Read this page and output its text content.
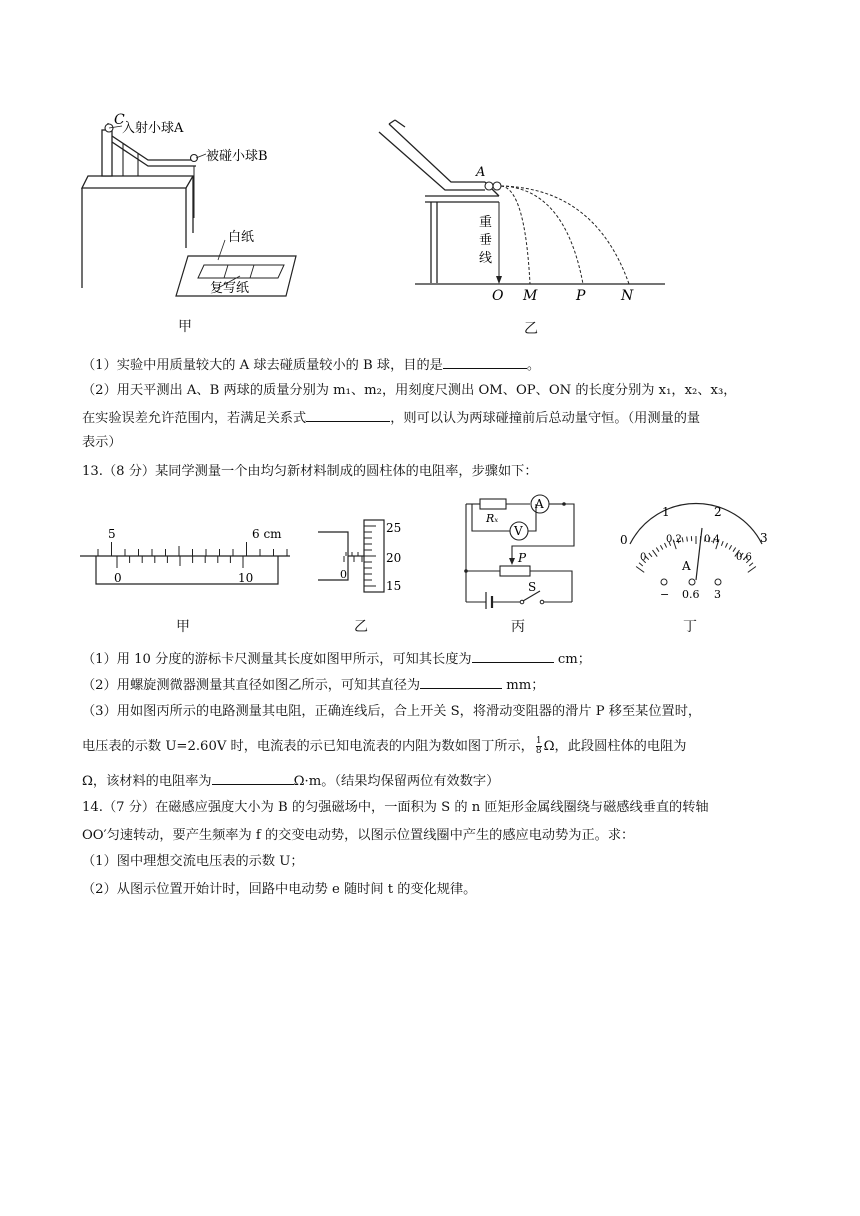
C
入射小球A
被碰小球B
白纸
复写纸
甲
A
重
垂
线
O M	P	N
乙
（1）实验中用质量较大的 A 球去碰质量较小的 B 球，目的是	。
（2）用天平测出 A、B 两球的质量分别为 m₁、m₂，用刻度尺测出 OM、OP、ON 的长度分别为 x₁，x₂、x₃，
在实验误差允许范围内，若满足关系式	，则可以认为两球碰撞前后总动量守恒。（用测量的量
表示）
13.（8 分）某同学测量一个由均匀新材料制成的圆柱体的电阻率，步骤如下：
5	6 cm
0	10
25
20
15
0
A
V
Rₓ
P
S
0
1	2
3
0
0.2 0.4
0.6
A
− 0.6 3
甲	乙	丙	丁
（1）用 10 分度的游标卡尺测量其长度如图甲所示，可知其长度为	cm；
（2）用螺旋测微器测量其直径如图乙所示，可知其直径为	mm；
（3）用如图丙所示的电路测量其电阻，正确连线后，合上开关 S，将滑动变阻器的滑片 P 移至某位置时，
电压表的示数 U=2.60V 时，电流表的示已知电流表的内阻为数如图丁所示， $\frac{1}{8}$ Ω，此段圆柱体的电阻为
Ω，该材料的电阻率为	Ω·m。（结果均保留两位有效数字）
14.（7 分）在磁感应强度大小为 B 的匀强磁场中，一面积为 S 的 n 匝矩形金属线圈绕与磁感线垂直的转轴
OO′匀速转动，要产生频率为 f 的交变电动势，以图示位置线圈中产生的感应电动势为正。求：
（1）图中理想交流电压表的示数 U；
（2）从图示位置开始计时，回路中电动势 e 随时间 t 的变化规律。
